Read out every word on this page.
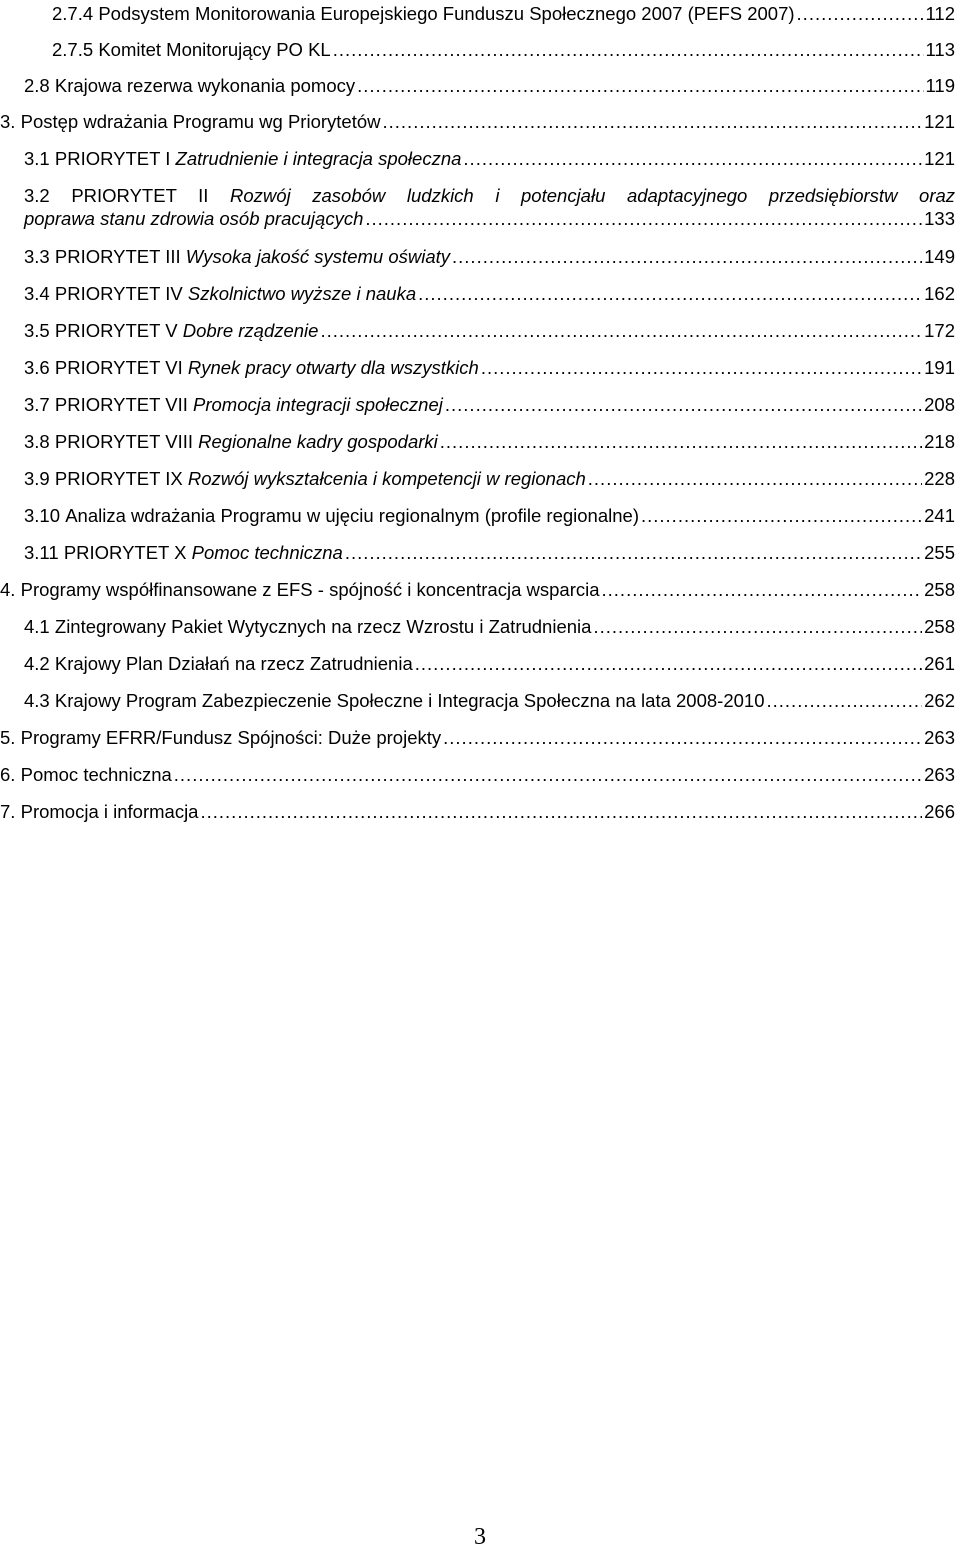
2.7.4 Podsystem Monitorowania Europejskiego Funduszu Społecznego 2007 (PEFS 2007) .....	112
2.7.5 Komitet Monitorujący PO KL .....	113
2.8 Krajowa rezerwa wykonania pomocy .....	119
3. Postęp wdrażania Programu wg Priorytetów .....	121
3.1 PRIORYTET I Zatrudnienie i integracja społeczna .....	121
3.2 PRIORYTET II Rozwój zasobów ludzkich i potencjału adaptacyjnego przedsiębiorstw oraz
poprawa stanu zdrowia osób pracujących .....	133
3.3 PRIORYTET III Wysoka jakość systemu oświaty .....	149
3.4 PRIORYTET IV Szkolnictwo wyższe i nauka .....	162
3.5 PRIORYTET V Dobre rządzenie .....	172
3.6 PRIORYTET VI Rynek pracy otwarty dla wszystkich .....	191
3.7 PRIORYTET VII Promocja integracji społecznej .....	208
3.8 PRIORYTET VIII Regionalne kadry gospodarki .....	218
3.9 PRIORYTET IX Rozwój wykształcenia i kompetencji w regionach .....	228
3.10 Analiza wdrażania Programu w ujęciu regionalnym (profile regionalne) .....	241
3.11 PRIORYTET X Pomoc techniczna .....	255
4. Programy współfinansowane z EFS - spójność i koncentracja wsparcia .....	258
4.1 Zintegrowany Pakiet Wytycznych na rzecz Wzrostu i Zatrudnienia .....	258
4.2 Krajowy Plan Działań na rzecz Zatrudnienia .....	261
4.3 Krajowy Program Zabezpieczenie Społeczne i Integracja Społeczna na lata 2008-2010 .....	262
5. Programy EFRR/Fundusz Spójności: Duże projekty .....	263
6. Pomoc techniczna .....	263
7. Promocja i informacja .....	266
3
